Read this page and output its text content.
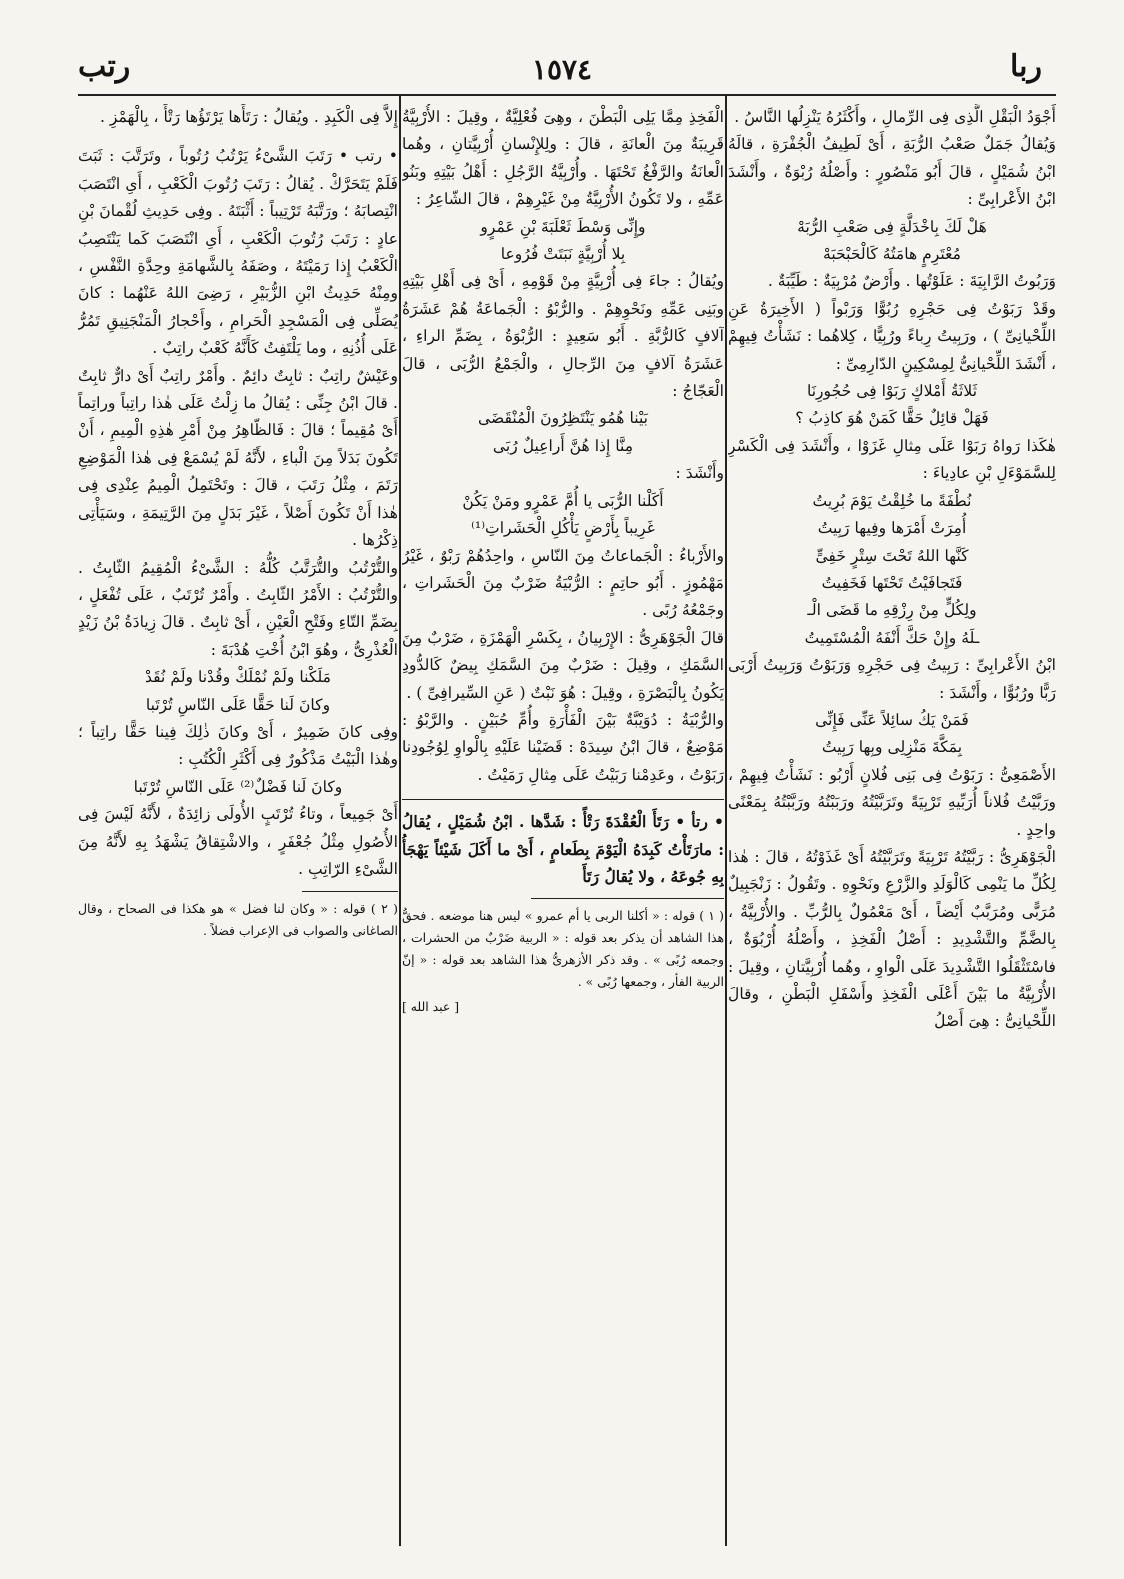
رتب	١٥٧٤	ربا

أَجْوَدُ الْبَقْلِ الَّذِى فِى الرِّمالِ ، وأَكْثَرُهُ يَنْزِلُها النَّاسُ .

وَيُقالُ جَمَلٌ صَعْبُ الرُّبَةِ ، أَىْ لَطِيفُ الْجُفْرَةِ ، قالَهُ ابْنُ شُمَيْلٍ ، قالَ أَبُو مَنْصُورٍ : وأَصْلُهُ رُبْوَةٌ ، وأَنْشَدَ ابْنُ الأَعْرابِىِّ :

هَلْ لَكَ بِاخْدَلَّةٍ فِى صَعْبِ الرُّبَهْ

مُعْتَرِمٍ هامَتُهُ كَالْحَبْحَبَهْ

وَرَبُوتُ الرَّابِيَةَ : عَلَوْتُها . وأَرْضٌ مُرْبِيَةٌ : طَيِّبَةٌ .

وقَدْ رَبَوْتُ فِى حَجْرِهِ رُبُوًّا وَرَبْواً ( الأَخِيرَةُ عَنِ اللِّحْيانِىِّ ) ، ورَبِيتُ رِباءً ورُبِيًّا ، كِلاهُما : نَشَأْتُ فِيهِمْ ، أَنْشَدَ اللِّحْيانِىُّ لِمِسْكِينٍ الدّارِمِىِّ :

ثَلاثَةُ أَمْلاكٍ رَبَوْا فِى حُجُورِنَا

فَهَلْ قائِلٌ حَقًّا كَمَنْ هُوَ كاذِبُ ؟

هٰكَذا رَواهُ رَبَوْا عَلَى مِثالِ غَزَوْا ، وأَنْشَدَ فِى الْكَسْرِ لِلسَّمَوْءَلِ بْنِ عادِياءَ :

نُطْفَةً ما خُلِقْتُ يَوْمَ بُرِيتُ

أُمِرَتْ أَمْرَها وفِيها رَبِيتُ

كَنَّها اللهُ تَحْتَ سِتْرٍ خَفِىٍّ

فَتَجافَيْتُ تَحْتَها فَخَفِيتُ

ولِكُلٍّ مِنْ رِزْقِهِ ما قَضَى الْـ

ـلَهُ وإِنْ حَكَّ أَنْفَهُ الْمُسْتَمِيتُ

ابْنُ الأَعْرابِىِّ : رَبِيتُ فِى حَجْرِهِ وَرَبَوْتُ وَرَبِيتُ أَرْبَى رَبًّا ورُبُوًّا ، وأَنْشَدَ :

فَمَنْ يَكُ سائِلاً عَنِّى فَإِنِّى

بِمَكَّةَ مَنْزِلِى وبِها رَبِيتُ

الأَصْمَعِىُّ : رَبَوْتُ فِى بَنِى فُلانٍ أَرْبُو : نَشَأْتُ فِيهِمْ ، ورَبَّيْتُ فُلاناً أُرَبِّيهِ تَرْبِيَةً وتَرَبَّيْتُهُ ورَبَبْتُهُ ورَبَّبْتُهُ بِمَعْنًى واحِدٍ .

الْجَوْهَرِىُّ : رَبَّيْتُهُ تَرْبِيَةً وتَرَبَّيْتُهُ أَىْ غَذَوْتُهُ ، قالَ : هٰذا لِكُلِّ ما يَنْمِى كَالْوَلَدِ والزَّرْعِ ونَحْوِهِ . وتَقُولُ : زَنْجَبِيلٌ مُرَبًّى ومُرَبَّبٌ أَيْضاً ، أَىْ مَعْمُولٌ بِالرُّبِّ . والأُرْبِيَّةُ ، بِالضَّمِّ والتَّشْدِيدِ : أَصْلُ الْفَخِذِ ، وأَصْلُهُ أُرْبُوَةٌ ، فاسْتَثْقَلُوا التَّشْدِيدَ عَلَى الْواوِ ، وهُما أُرْبِيَّتانِ ، وقِيلَ : الأُرْبِيَّةُ ما بَيْنَ أَعْلَى الْفَخِذِ وأَسْفَلِ الْبَطْنِ ، وقالَ اللِّحْيانِىُّ : هِىَ أَصْلُ

الْفَخِذِ مِمَّا يَلِى الْبَطْنَ ، وهِىَ فُعْلِيَّةٌ ، وقِيلَ : الأُرْبِيَّةُ قَرِيبَةٌ مِنَ الْعانَةِ ، قالَ : ولِلإِنْسانِ أُرْبِيَّتانِ ، وهُما الْعانَةُ والرَّفْغُ تَحْتَهَا . وأُرْبِيَّةُ الرَّجُلِ : أَهْلُ بَيْتِهِ وبَنُو عَمِّهِ ، ولا تَكُونُ الأُرْبِيَّةُ مِنْ غَيْرِهِمْ ، قالَ الشّاعِرُ :

وإِنِّى وَسْطَ ثَعْلَبَةَ بْنِ عَمْرٍو

بِلا أُرْبِيَّةٍ نَبَتَتْ فُرُوعا

ويُقالُ : جاءَ فِى أُرْبِيَّةٍ مِنْ قَوْمِهِ ، أَىْ فِى أَهْلِ بَيْتِهِ وبَنِى عَمِّهِ ونَحْوِهِمْ . والرُّبْوُ : الْجَماعَةُ هُمْ عَشَرَةُ آلافٍ كَالرُّبَّةِ . أَبُو سَعِيدٍ : الرُّبْوَةُ ، بِضَمِّ الراءِ ، عَشَرَةُ آلافٍ مِنَ الرِّجالِ ، والْجَمْعُ الرُّبَى ، قالَ الْعَجّاجُ :

بَيْنا هُمُو يَنْتَظِرُونَ الْمُنْقَضَى

مِنَّا إِذا هُنَّ أَراعِيلٌ رُبَى

وأَنْشَدَ :

أَكَلْنا الرُّبَى يا أُمَّ عَمْرٍو ومَنْ يَكُنْ

غَرِيباً بِأَرْضٍ يَأْكُلِ الْحَشَراتِ⁽¹⁾

والأَرْباءُ : الْجَماعاتُ مِنَ النّاسِ ، واحِدُهُمْ رَبْوٌ ، غَيْرُ مَهْمُوزٍ . أَبُو حاتِمٍ : الرُّبْيَةُ ضَرْبٌ مِنَ الْحَشَراتِ ، وجَمْعُهُ رُبًى .

قالَ الْجَوْهَرِىُّ : الإِرْبِيانُ ، بِكَسْرِ الْهَمْزَةِ ، ضَرْبٌ مِنَ السَّمَكِ ، وقِيلَ : ضَرْبٌ مِنَ السَّمَكِ بِيضٌ كَالدُّودِ يَكُونُ بِالْبَصْرَةِ ، وقِيلَ : هُوَ نَبْتٌ ( عَنِ السِّيرافِىِّ ) .

والرُّبْيَةُ : دُوَيْبَّةٌ بَيْنَ الْفَأْرَةِ وأُمِّ حُبَيْنٍ . والرَّبْوُ : مَوْضِعٌ ، قالَ ابْنُ سِيدَهْ : قَضَيْنا عَلَيْهِ بِالْواوِ لِوُجُودِنا رَبَوْتُ ، وعَدِمْنا رَبَيْتُ عَلَى مِثالِ رَمَيْتُ .

• رتأ • رَتَأَ الْعُقْدَةَ رَتْأً : شَدَّها . ابْنُ شُمَيْلٍ ، يُقالُ : مارَتَأْتُ كَبِدَهُ الْيَوْمَ بِطَعامٍ ، أَىْ ما أَكَلَ شَيْئاً يَهْجَأُ بِهِ جُوعَهُ ، ولا يُقالُ رَتَأَ

( ١ ) قوله : « أكلنا الربى يا أم عمرو » ليس هنا موضعه . فحقُّ هذا الشاهد أن يذكر بعد قوله : « الربية ضَرْبٌ من الحشرات ، وجمعه رُبًى » . وقد ذكر الأزهرىُّ هذا الشاهد بعد قوله : « إنّ الربية الفأر ، وجمعها رُبًى » .

[ عبد الله ]

إِلاَّ فِى الْكَبِدِ . ويُقالُ : رَتَأَها يَرْتَؤُها رَتْأً ، بِالْهَمْزِ .

• رتب • رَتَبَ الشَّىْءُ يَرْتُبُ رُتُوباً ، وتَرَتَّبَ : ثَبَتَ فَلَمْ يَتَحَرَّكْ . يُقالُ : رَتَبَ رُتُوبَ الْكَعْبِ ، أَىِ انْتَصَبَ انْتِصابَهُ ؛ ورَتَّبَهُ تَرْتِيباً : أَثْبَتَهُ . وفِى حَدِيثِ لُقْمانَ بْنِ عادٍ : رَتَبَ رُتُوبَ الْكَعْبِ ، أَىِ انْتَصَبَ كَما يَنْتَصِبُ الْكَعْبُ إِذا رَمَيْتَهُ ، وصَفَهُ بِالشَّهامَةِ وحِدَّةِ النَّفْسِ ، ومِنْهُ حَدِيثُ ابْنِ الزُّبَيْرِ ، رَضِىَ اللهُ عَنْهُما : كانَ يُصَلِّى فِى الْمَسْجِدِ الْحَرامِ ، وأَحْجارُ الْمَنْجَنِيقِ تَمُرُّ عَلَى أُذُنِهِ ، وما يَلْتَفِتُ كَأَنَّهُ كَعْبٌ راتِبٌ .

وعَيْشٌ راتِبٌ : ثابِتٌ دائِمٌ . وأَمْرٌ راتِبٌ أَىْ دارٌّ ثابِتٌ . قالَ ابْنُ جِنِّى : يُقالُ ما زِلْتُ عَلَى هٰذا راتِباً وراتِماً أَىْ مُقِيماً ؛ قالَ : فَالظّاهِرُ مِنْ أَمْرِ هٰذِهِ الْمِيمِ ، أَنْ تَكُونَ بَدَلاً مِنَ الْباءِ ، لأَنَّهُ لَمْ يُسْمَعْ فِى هٰذا الْمَوْضِعِ رَتَمَ ، مِثْلُ رَتَبَ ، قالَ : وتَحْتَمِلُ الْمِيمُ عِنْدِى فِى هٰذا أَنْ تَكُونَ أَصْلاً ، غَيْرَ بَدَلٍ مِنَ الرَّتِيمَةِ ، وسَيَأْتِى ذِكْرُها .

والتُّرْتُبُ والتُّرَتَّبُ كُلُّهُ : الشَّىْءُ الْمُقِيمُ الثّابِتُ . والتُّرْتُبُ : الأَمْرُ الثّابِتُ . وأَمْرٌ تُرْتَبٌ ، عَلَى تُفْعَلٍ ، بِضَمِّ التّاءِ وفَتْحِ الْعَيْنِ ، أَىْ ثابِتٌ . قالَ زِيادَةُ بْنُ زَيْدٍ الْعُذْرِىُّ ، وهُوَ ابْنُ أُخْتِ هُدْبَةَ :

مَلَكْنا ولَمْ نُمْلَكْ وقُدْنا ولَمْ نُقَدْ

وكانَ لَنا حَقًّا عَلَى النّاسِ تُرْتَبا

وفِى كانَ ضَمِيرٌ ، أَىْ وكانَ ذٰلِكَ فِينا حَقًّا راتِباً ؛ وهٰذا الْبَيْتُ مَذْكُورٌ فِى أَكْثَرِ الْكُتُبِ :

وكانَ لَنا فَضْلٌ⁽²⁾ عَلَى النّاسِ تُرْتَبا

أَىْ جَمِيعاً ، وتاءُ تُرْتَبٍ الأُولَى زائِدَةٌ ، لأَنَّهُ لَيْسَ فِى الأُصُولِ مِثْلُ جُعْفَرٍ ، والاشْتِقاقُ يَشْهَدُ بِهِ لأَنَّهُ مِنَ الشَّىْءِ الرّاتِبِ .

( ٢ ) قوله : « وكان لنا فضل » هو هكذا فى الصحاح ، وقال الصاغانى والصواب فى الإعراب فضلاً .
